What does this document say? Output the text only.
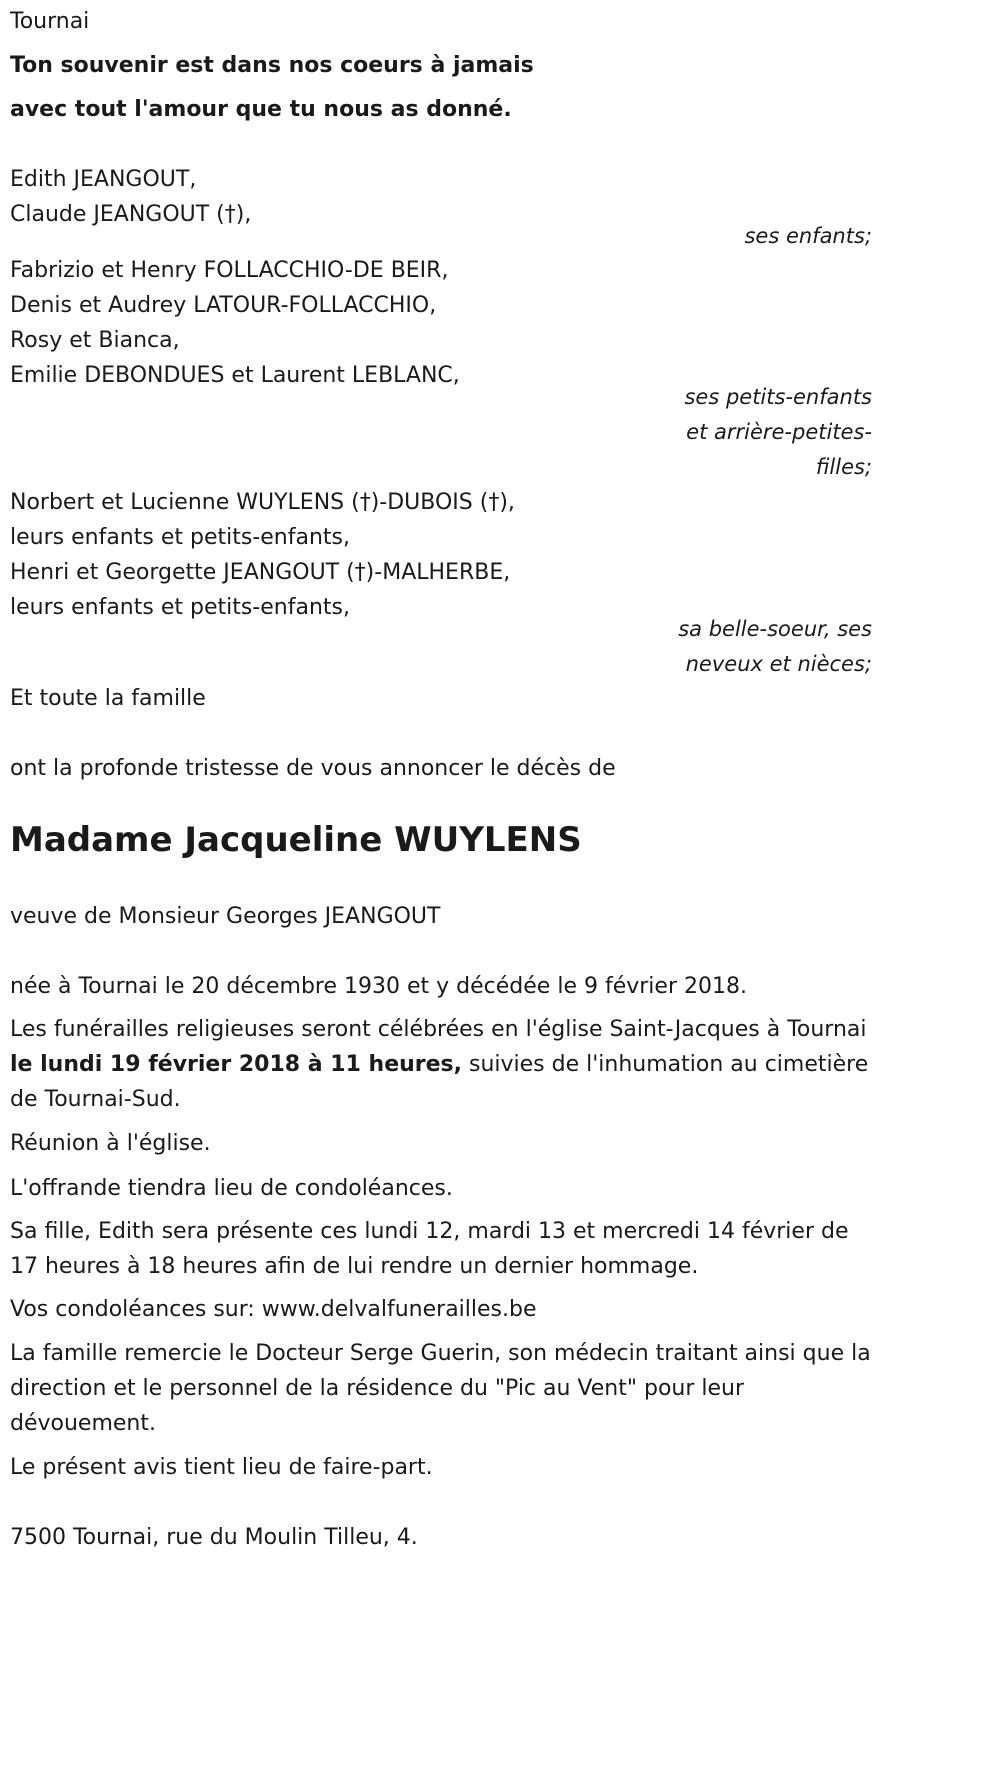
Tournai
Ton souvenir est dans nos coeurs à jamais
avec tout l'amour que tu nous as donné.
Edith JEANGOUT,
Claude JEANGOUT (†),
ses enfants;
Fabrizio et Henry FOLLACCHIO-DE BEIR,
Denis et Audrey LATOUR-FOLLACCHIO,
Rosy et Bianca,
Emilie DEBONDUES et Laurent LEBLANC,
ses petits-enfants
et arrière-petites-
filles;
Norbert et Lucienne WUYLENS (†)-DUBOIS (†),
leurs enfants et petits-enfants,
Henri et Georgette JEANGOUT (†)-MALHERBE,
leurs enfants et petits-enfants,
sa belle-soeur, ses
neveux et nièces;
Et toute la famille
ont la profonde tristesse de vous annoncer le décès de
Madame Jacqueline WUYLENS
veuve de Monsieur Georges JEANGOUT
née à Tournai le 20 décembre 1930 et y décédée le 9 février 2018.
Les funérailles religieuses seront célébrées en l'église Saint-Jacques à Tournai le lundi 19 février 2018 à 11 heures, suivies de l'inhumation au cimetière de Tournai-Sud.
Réunion à l'église.
L'offrande tiendra lieu de condoléances.
Sa fille, Edith sera présente ces lundi 12, mardi 13 et mercredi 14 février de 17 heures à 18 heures afin de lui rendre un dernier hommage.
Vos condoléances sur: www.delvalfunerailles.be
La famille remercie le Docteur Serge Guerin, son médecin traitant ainsi que la direction et le personnel de la résidence du "Pic au Vent" pour leur dévouement.
Le présent avis tient lieu de faire-part.
7500 Tournai, rue du Moulin Tilleu, 4.
